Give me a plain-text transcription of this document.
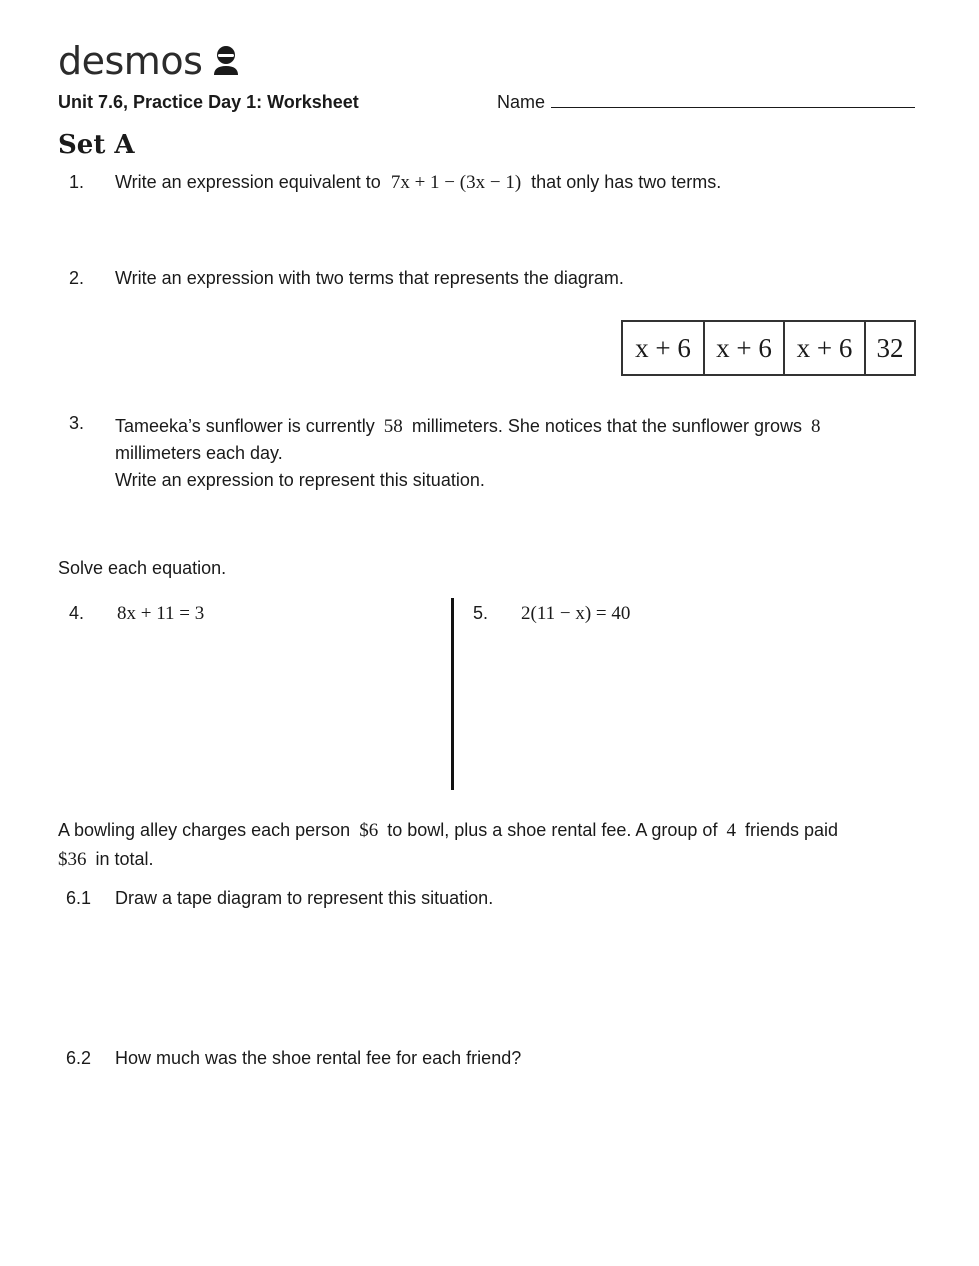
desmos
Unit 7.6, Practice Day 1: Worksheet	Name
Set A
1.	Write an expression equivalent to 7x + 1 − (3x − 1) that only has two terms.
2.	Write an expression with two terms that represents the diagram.
x + 6 x + 6 x + 6 32
3.	Tameeka’s sunflower is currently 58 millimeters. She notices that the sunflower grows 8
millimeters each day.
Write an expression to represent this situation.
Solve each equation.
4.	8x + 11 = 3	5.	2(11 − x) = 40
A bowling alley charges each person $6 to bowl, plus a shoe rental fee. A group of 4 friends paid
$36 in total.
6.1 Draw a tape diagram to represent this situation.
6.2 How much was the shoe rental fee for each friend?
